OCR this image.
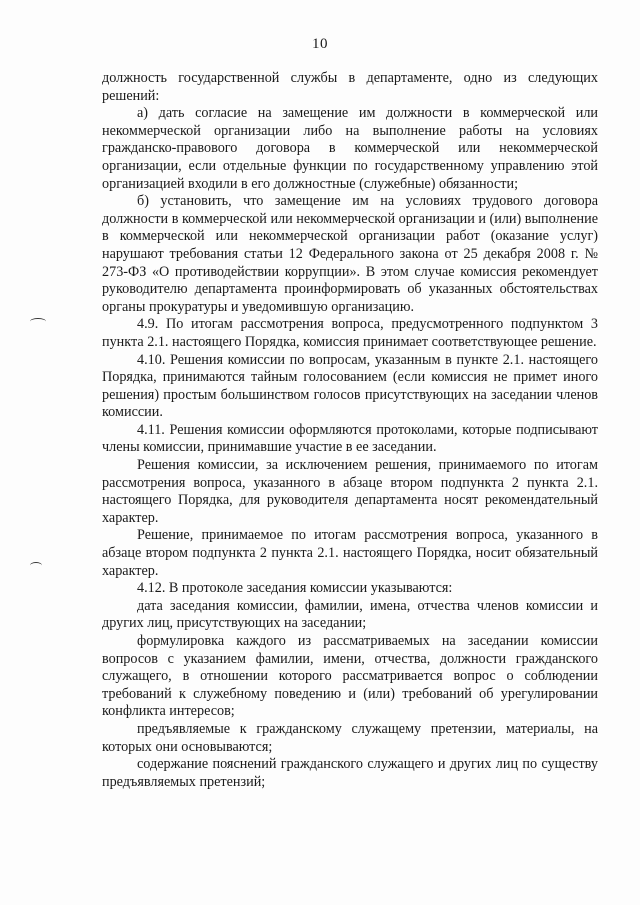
10

должность государственной службы в департаменте, одно из следующих решений:

а) дать согласие на замещение им должности в коммерческой или некоммерческой организации либо на выполнение работы на условиях гражданско-правового договора в коммерческой или некоммерческой организации, если отдельные функции по государственному управлению этой организацией входили в его должностные (служебные) обязанности;

б) установить, что замещение им на условиях трудового договора должности в коммерческой или некоммерческой организации и (или) выполнение в коммерческой или некоммерческой организации работ (оказание услуг) нарушают требования статьи 12 Федерального закона от 25 декабря 2008 г. № 273-ФЗ «О противодействии коррупции». В этом случае комиссия рекомендует руководителю департамента проинформировать об указанных обстоятельствах органы прокуратуры и уведомившую организацию.

4.9. По итогам рассмотрения вопроса, предусмотренного подпунктом 3 пункта 2.1. настоящего Порядка, комиссия принимает соответствующее решение.

4.10. Решения комиссии по вопросам, указанным в пункте 2.1. настоящего Порядка, принимаются тайным голосованием (если комиссия не примет иного решения) простым большинством голосов присутствующих на заседании членов комиссии.

4.11. Решения комиссии оформляются протоколами, которые подписывают члены комиссии, принимавшие участие в ее заседании.

Решения комиссии, за исключением решения, принимаемого по итогам рассмотрения вопроса, указанного в абзаце втором подпункта 2 пункта 2.1. настоящего Порядка, для руководителя департамента носят рекомендательный характер.

Решение, принимаемое по итогам рассмотрения вопроса, указанного в абзаце втором подпункта 2 пункта 2.1. настоящего Порядка, носит обязательный характер.

4.12. В протоколе заседания комиссии указываются:

дата заседания комиссии, фамилии, имена, отчества членов комиссии и других лиц, присутствующих на заседании;

формулировка каждого из рассматриваемых на заседании комиссии вопросов с указанием фамилии, имени, отчества, должности гражданского служащего, в отношении которого рассматривается вопрос о соблюдении требований к служебному поведению и (или) требований об урегулировании конфликта интересов;

предъявляемые к гражданскому служащему претензии, материалы, на которых они основываются;

содержание пояснений гражданского служащего и других лиц по существу предъявляемых претензий;
